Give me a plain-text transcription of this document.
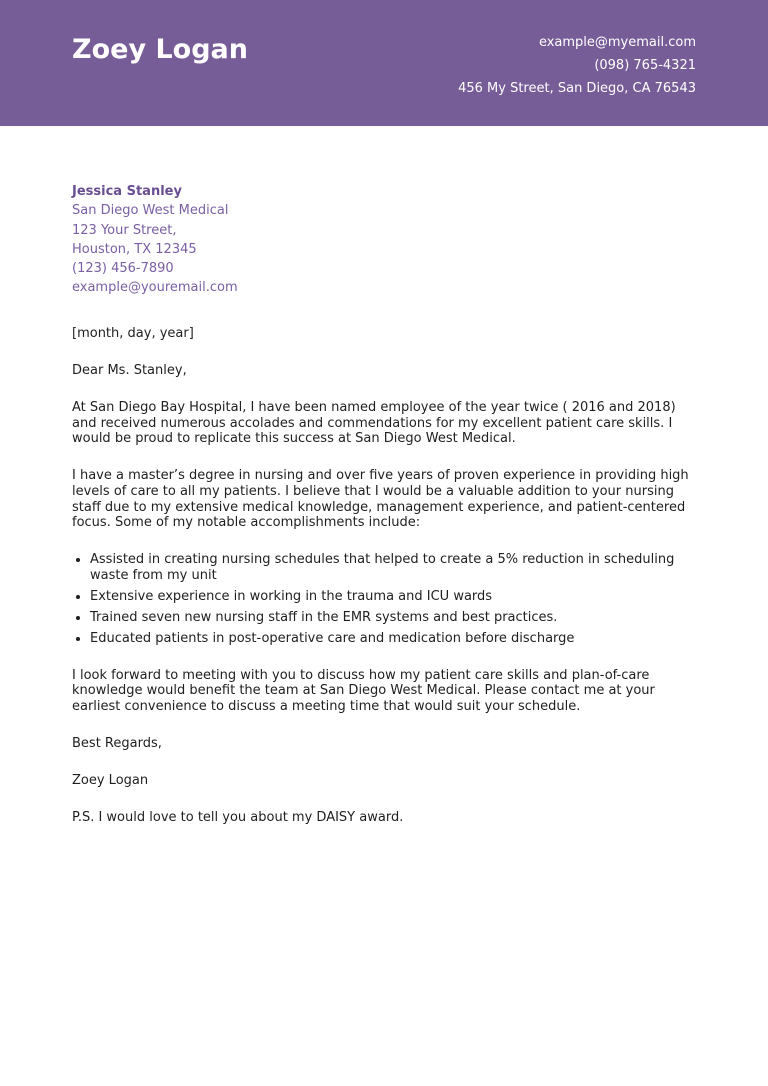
Zoey Logan	example@myemail.com
(098) 765-4321
456 My Street, San Diego, CA 76543
Jessica Stanley
San Diego West Medical
123 Your Street,
Houston, TX 12345
(123) 456-7890
example@youremail.com

[month, day, year]

Dear Ms. Stanley,

At San Diego Bay Hospital, I have been named employee of the year twice ( 2016 and 2018) and received numerous accolades and commendations for my excellent patient care skills. I would be proud to replicate this success at San Diego West Medical.

I have a master’s degree in nursing and over five years of proven experience in providing high levels of care to all my patients. I believe that I would be a valuable addition to your nursing staff due to my extensive medical knowledge, management experience, and patient-centered focus. Some of my notable accomplishments include:

• Assisted in creating nursing schedules that helped to create a 5% reduction in scheduling waste from my unit
• Extensive experience in working in the trauma and ICU wards
• Trained seven new nursing staff in the EMR systems and best practices.
• Educated patients in post-operative care and medication before discharge

I look forward to meeting with you to discuss how my patient care skills and plan-of-care knowledge would benefit the team at San Diego West Medical. Please contact me at your earliest convenience to discuss a meeting time that would suit your schedule.

Best Regards,

Zoey Logan

P.S. I would love to tell you about my DAISY award.
